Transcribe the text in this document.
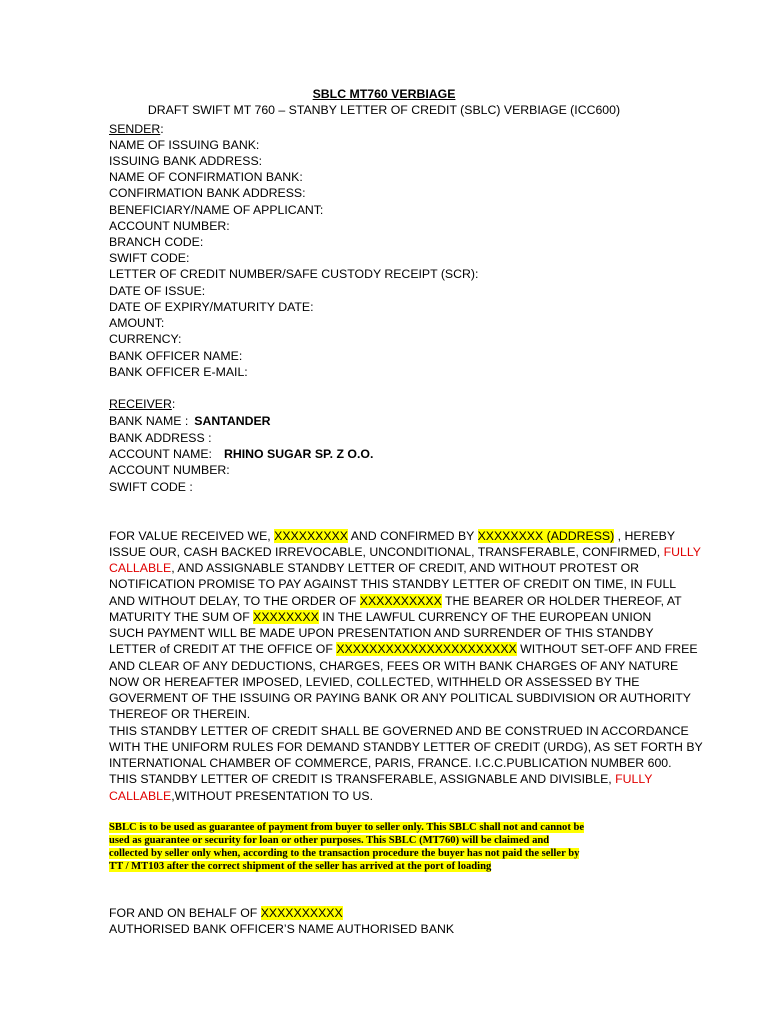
SBLC MT760 VERBIAGE
DRAFT SWIFT MT 760 – STANBY LETTER OF CREDIT (SBLC) VERBIAGE (ICC600)
SENDER:
NAME OF ISSUING BANK:
ISSUING BANK ADDRESS:
NAME OF CONFIRMATION BANK:
CONFIRMATION BANK ADDRESS:
BENEFICIARY/NAME OF APPLICANT:
ACCOUNT NUMBER:
BRANCH CODE:
SWIFT CODE:
LETTER OF CREDIT NUMBER/SAFE CUSTODY RECEIPT (SCR):
DATE OF ISSUE:
DATE OF EXPIRY/MATURITY DATE:
AMOUNT:
CURRENCY:
BANK OFFICER NAME:
BANK OFFICER E-MAIL:
RECEIVER:
BANK NAME : SANTANDER
BANK ADDRESS :
ACCOUNT NAME: RHINO SUGAR SP. Z O.O.
ACCOUNT NUMBER:
SWIFT CODE :
FOR VALUE RECEIVED WE, XXXXXXXXX AND CONFIRMED BY XXXXXXXX (ADDRESS) , HEREBY
ISSUE OUR, CASH BACKED IRREVOCABLE, UNCONDITIONAL, TRANSFERABLE, CONFIRMED, FULLY
CALLABLE, AND ASSIGNABLE STANDBY LETTER OF CREDIT, AND WITHOUT PROTEST OR
NOTIFICATION PROMISE TO PAY AGAINST THIS STANDBY LETTER OF CREDIT ON TIME, IN FULL
AND WITHOUT DELAY, TO THE ORDER OF XXXXXXXXXX THE BEARER OR HOLDER THEREOF, AT
MATURITY THE SUM OF XXXXXXXX IN THE LAWFUL CURRENCY OF THE EUROPEAN UNION
SUCH PAYMENT WILL BE MADE UPON PRESENTATION AND SURRENDER OF THIS STANDBY
LETTER of CREDIT AT THE OFFICE OF XXXXXXXXXXXXXXXXXXXXXX WITHOUT SET-OFF AND FREE
AND CLEAR OF ANY DEDUCTIONS, CHARGES, FEES OR WITH BANK CHARGES OF ANY NATURE
NOW OR HEREAFTER IMPOSED, LEVIED, COLLECTED, WITHHELD OR ASSESSED BY THE
GOVERMENT OF THE ISSUING OR PAYING BANK OR ANY POLITICAL SUBDIVISION OR AUTHORITY
THEREOF OR THEREIN.
THIS STANDBY LETTER OF CREDIT SHALL BE GOVERNED AND BE CONSTRUED IN ACCORDANCE
WITH THE UNIFORM RULES FOR DEMAND STANDBY LETTER OF CREDIT (URDG), AS SET FORTH BY
INTERNATIONAL CHAMBER OF COMMERCE, PARIS, FRANCE. I.C.C.PUBLICATION NUMBER 600.
THIS STANDBY LETTER OF CREDIT IS TRANSFERABLE, ASSIGNABLE AND DIVISIBLE, FULLY
CALLABLE,WITHOUT PRESENTATION TO US.
SBLC is to be used as guarantee of payment from buyer to seller only. This SBLC shall not and cannot be
used as guarantee or security for loan or other purposes. This SBLC (MT760) will be claimed and
collected by seller only when, according to the transaction procedure the buyer has not paid the seller by
TT / MT103 after the correct shipment of the seller has arrived at the port of loading
FOR AND ON BEHALF OF XXXXXXXXXX
AUTHORISED BANK OFFICER’S NAME AUTHORISED BANK
